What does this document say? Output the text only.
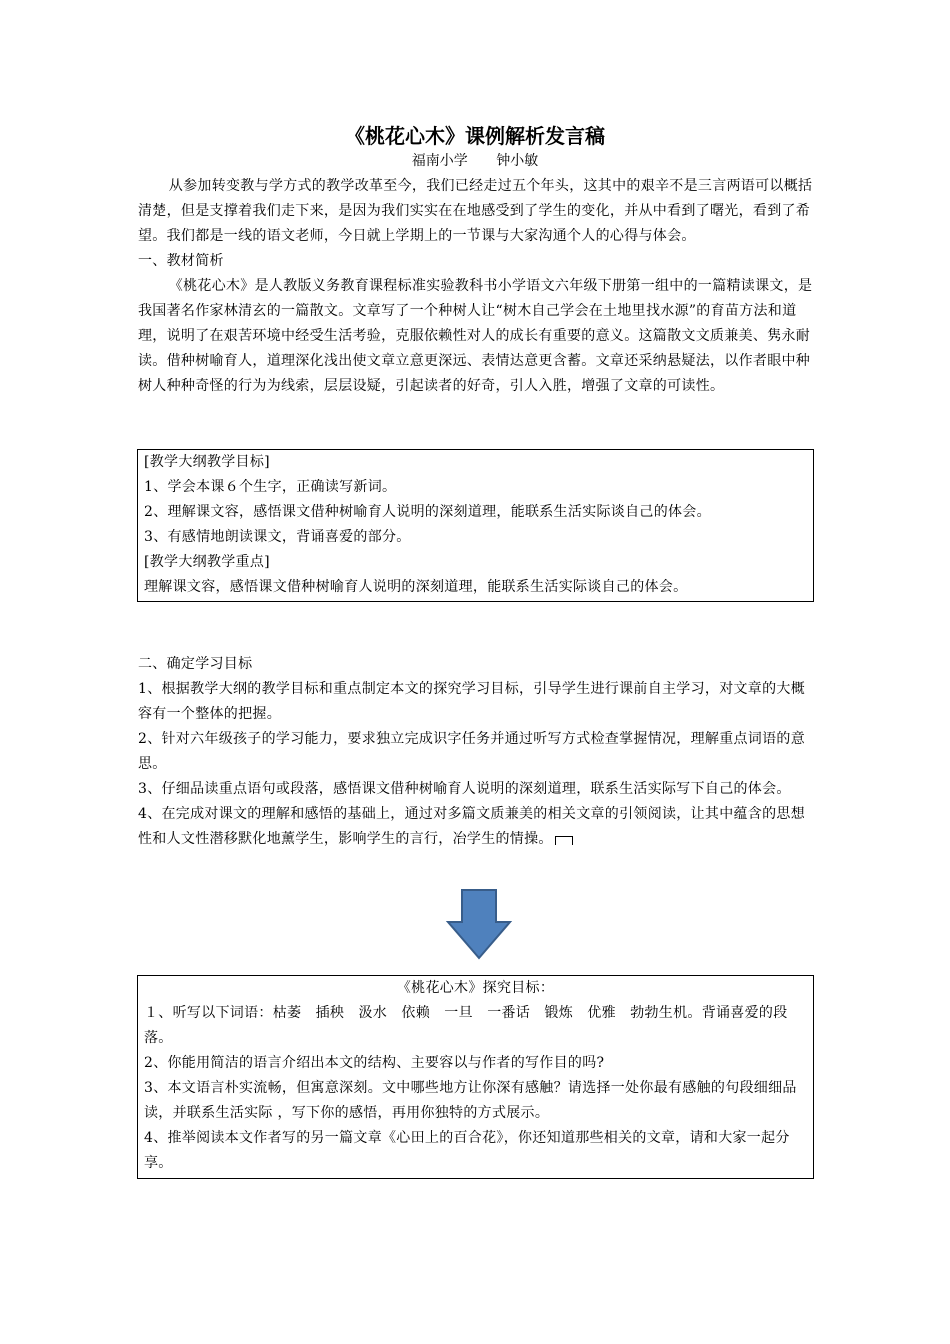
《桃花心木》课例解析发言稿
福南小学 钟小敏

从参加转变教与学方式的教学改革至今，我们已经走过五个年头，这其中的艰辛不是三言两语可以概括清楚，但是支撑着我们走下来，是因为我们实实在在地感受到了学生的变化，并从中看到了曙光，看到了希望。我们都是一线的语文老师，今日就上学期上的一节课与大家沟通个人的心得与体会。

一、教材简析

《桃花心木》是人教版义务教育课程标准实验教科书小学语文六年级下册第一组中的一篇精读课文，是我国著名作家林清玄的一篇散文。文章写了一个种树人让“树木自己学会在土地里找水源”的育苗方法和道理，说明了在艰苦环境中经受生活考验，克服依赖性对人的成长有重要的意义。这篇散文文质兼美、隽永耐读。借种树喻育人，道理深化浅出使文章立意更深远、表情达意更含蓄。文章还采纳悬疑法，以作者眼中种树人种种奇怪的行为为线索，层层设疑，引起读者的好奇，引人入胜，增强了文章的可读性。

[教学大纲教学目标]

1、学会本课６个生字，正确读写新词。

2、理解课文容，感悟课文借种树喻育人说明的深刻道理，能联系生活实际谈自己的体会。

3、有感情地朗读课文，背诵喜爱的部分。

[教学大纲教学重点]

理解课文容，感悟课文借种树喻育人说明的深刻道理，能联系生活实际谈自己的体会。

二、确定学习目标

1、根据教学大纲的教学目标和重点制定本文的探究学习目标，引导学生进行课前自主学习，对文章的大概容有一个整体的把握。

2、针对六年级孩子的学习能力，要求独立完成识字任务并通过听写方式检查掌握情况，理解重点词语的意思。

3、仔细品读重点语句或段落，感悟课文借种树喻育人说明的深刻道理，联系生活实际写下自己的体会。

4、在完成对课文的理解和感悟的基础上，通过对多篇文质兼美的相关文章的引领阅读，让其中蕴含的思想性和人文性潜移默化地薰学生，影响学生的言行，冶学生的情操。

《桃花心木》探究目标：

１、听写以下词语：枯萎　插秧　汲水　依赖　一旦　一番话　锻炼　优雅　勃勃生机。背诵喜爱的段落。

2、你能用简洁的语言介绍出本文的结构、主要容以与作者的写作目的吗?

3、本文语言朴实流畅，但寓意深刻。文中哪些地方让你深有感触？请选择一处你最有感触的句段细细品读，并联系生活实际 ，写下你的感悟，再用你独特的方式展示。

4、推举阅读本文作者写的另一篇文章《心田上的百合花》，你还知道那些相关的文章，请和大家一起分享。
